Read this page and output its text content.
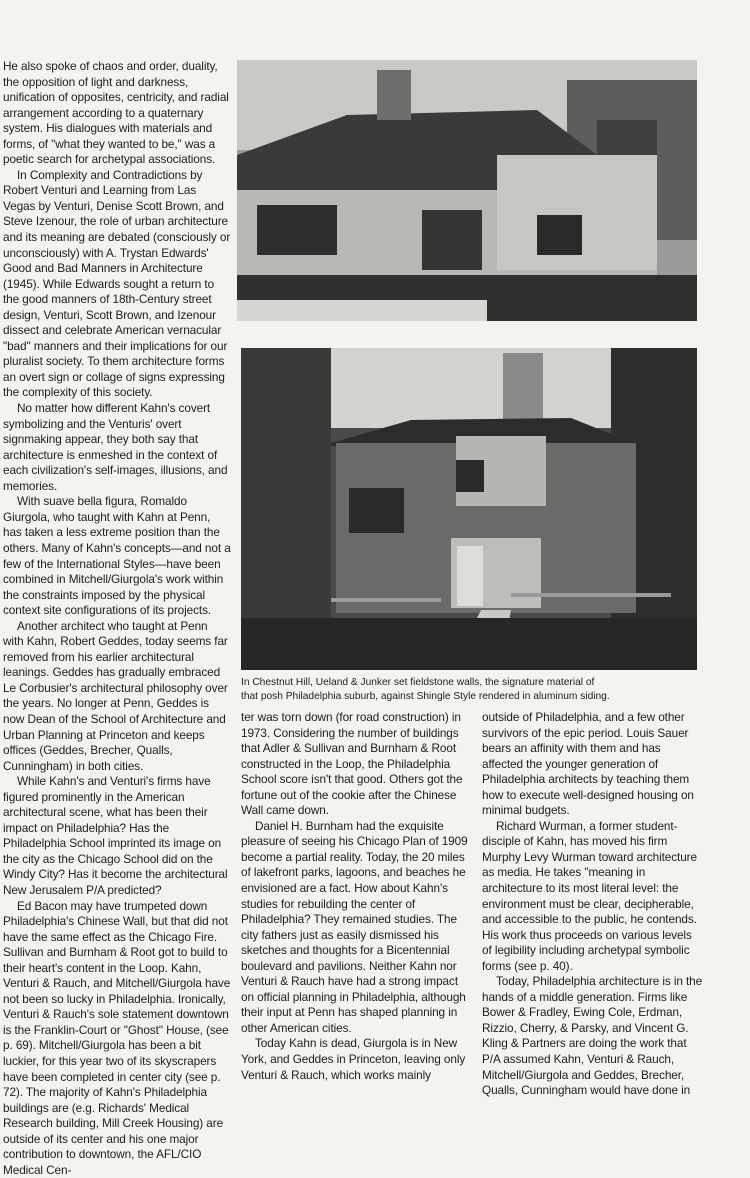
He also spoke of chaos and order, duality, the opposition of light and darkness, unification of opposites, centricity, and radial arrangement according to a quaternary system. His dialogues with materials and forms, of "what they wanted to be," was a poetic search for archetypal associations.

In Complexity and Contradictions by Robert Venturi and Learning from Las Vegas by Venturi, Denise Scott Brown, and Steve Izenour, the role of urban architecture and its meaning are debated (consciously or unconsciously) with A. Trystan Edwards' Good and Bad Manners in Architecture (1945). While Edwards sought a return to the good manners of 18th-Century street design, Venturi, Scott Brown, and Izenour dissect and celebrate American vernacular "bad" manners and their implications for our pluralist society. To them architecture forms an overt sign or collage of signs expressing the complexity of this society.

No matter how different Kahn's covert symbolizing and the Venturis' overt signmaking appear, they both say that architecture is enmeshed in the context of each civilization's self-images, illusions, and memories.

With suave bella figura, Romaldo Giurgola, who taught with Kahn at Penn, has taken a less extreme position than the others. Many of Kahn's concepts—and not a few of the International Styles—have been combined in Mitchell/Giurgola's work within the constraints imposed by the physical context site configurations of its projects.

Another architect who taught at Penn with Kahn, Robert Geddes, today seems far removed from his earlier architectural leanings. Geddes has gradually embraced Le Corbusier's architectural philosophy over the years. No longer at Penn, Geddes is now Dean of the School of Architecture and Urban Planning at Princeton and keeps offices (Geddes, Brecher, Qualls, Cunningham) in both cities.

While Kahn's and Venturi's firms have figured prominently in the American architectural scene, what has been their impact on Philadelphia? Has the Philadelphia School imprinted its image on the city as the Chicago School did on the Windy City? Has it become the architectural New Jerusalem P/A predicted?

Ed Bacon may have trumpeted down Philadelphia's Chinese Wall, but that did not have the same effect as the Chicago Fire. Sullivan and Burnham & Root got to build to their heart's content in the Loop. Kahn, Venturi & Rauch, and Mitchell/Giurgola have not been so lucky in Philadelphia. Ironically, Venturi & Rauch's sole statement downtown is the Franklin-Court or "Ghost" House, (see p. 69). Mitchell/Giurgola has been a bit luckier, for this year two of its skyscrapers have been completed in center city (see p. 72). The majority of Kahn's Philadelphia buildings are (e.g. Richards' Medical Research building, Mill Creek Housing) are outside of its center and his one major contribution to downtown, the AFL/CIO Medical Cen-

In Chestnut Hill, Ueland & Junker set fieldstone walls, the signature material of
that posh Philadelphia suburb, against Shingle Style rendered in aluminum siding.

ter was torn down (for road construction) in 1973. Considering the number of buildings that Adler & Sullivan and Burnham & Root constructed in the Loop, the Philadelphia School score isn't that good. Others got the fortune out of the cookie after the Chinese Wall came down.

Daniel H. Burnham had the exquisite pleasure of seeing his Chicago Plan of 1909 become a partial reality. Today, the 20 miles of lakefront parks, lagoons, and beaches he envisioned are a fact. How about Kahn's studies for rebuilding the center of Philadelphia? They remained studies. The city fathers just as easily dismissed his sketches and thoughts for a Bicentennial boulevard and pavilions. Neither Kahn nor Venturi & Rauch have had a strong impact on official planning in Philadelphia, although their input at Penn has shaped planning in other American cities.

Today Kahn is dead, Giurgola is in New York, and Geddes in Princeton, leaving only Venturi & Rauch, which works mainly

outside of Philadelphia, and a few other survivors of the epic period. Louis Sauer bears an affinity with them and has affected the younger generation of Philadelphia architects by teaching them how to execute well-designed housing on minimal budgets.

Richard Wurman, a former student-disciple of Kahn, has moved his firm Murphy Levy Wurman toward architecture as media. He takes "meaning in architecture to its most literal level: the environment must be clear, decipherable, and accessible to the public, he contends. His work thus proceeds on various levels of legibility including archetypal symbolic forms (see p. 40).

Today, Philadelphia architecture is in the hands of a middle generation. Firms like Bower & Fradley, Ewing Cole, Erdman, Rizzio, Cherry, & Parsky, and Vincent G. Kling & Partners are doing the work that P/A assumed Kahn, Venturi & Rauch, Mitchell/Giurgola and Geddes, Brecher, Qualls, Cunningham would have done in
